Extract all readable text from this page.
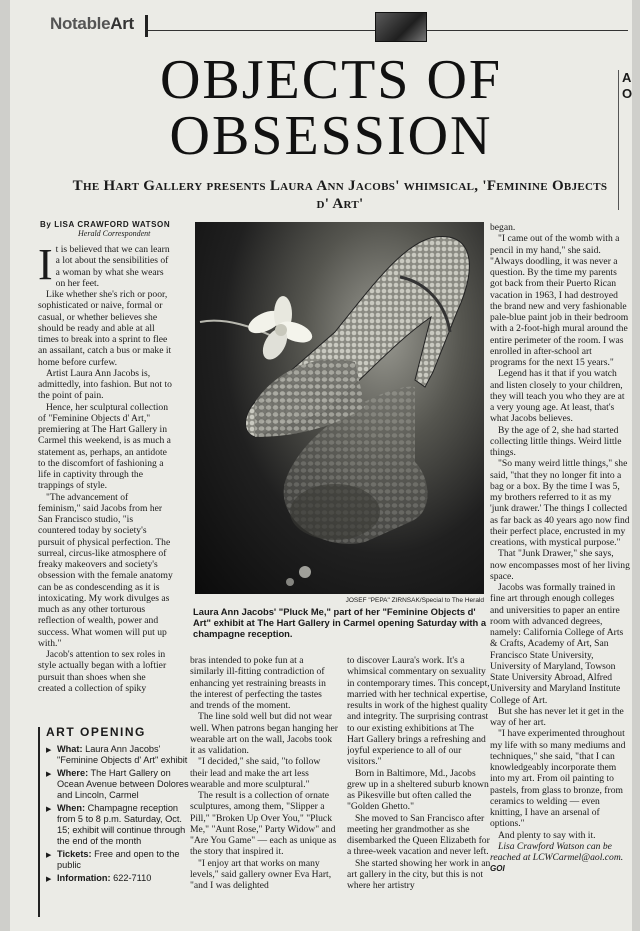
NotableArt
A
O
OBJECTS OF
OBSESSION
The Hart Gallery presents Laura Ann Jacobs' whimsical, 'Feminine Objects d' Art'
By LISA CRAWFORD WATSON
Herald Correspondent

It is believed that we can learn a lot about the sensibilities of a woman by what she wears on her feet.

Like whether she's rich or poor, sophisticated or naive, formal or casual, or whether believes she should be ready and able at all times to break into a sprint to flee an assailant, catch a bus or make it home before curfew.

Artist Laura Ann Jacobs is, admittedly, into fashion. But not to the point of pain.

Hence, her sculptural collection of "Feminine Objects d' Art," premiering at The Hart Gallery in Carmel this weekend, is as much a statement as, perhaps, an antidote to the discomfort of fashioning a life in captivity through the trappings of style.

"The advancement of feminism," said Jacobs from her San Francisco studio, "is countered today by society's pursuit of physical perfection. The surreal, circus-like atmosphere of freaky makeovers and society's obsession with the female anatomy can be as condescending as it is intoxicating. My work divulges as much as any other torturous reflection of wealth, power and success. What women will put up with."

Jacob's attention to sex roles in style actually began with a loftier pursuit than shoes when she created a collection of spiky

JOSEF "PEPA" ZIRNSAK/Special to The Herald
Laura Ann Jacobs' "Pluck Me," part of her "Feminine Objects d' Art" exhibit at The Hart Gallery in Carmel opening Saturday with a champagne reception.

bras intended to poke fun at a similarly ill-fitting contradiction of enhancing yet restraining breasts in the interest of perfecting the tastes and trends of the moment.

The line sold well but did not wear well. When patrons began hanging her wearable art on the wall, Jacobs took it as validation.

"I decided," she said, "to follow their lead and make the art less wearable and more sculptural."

The result is a collection of ornate sculptures, among them, "Slipper a Pill," "Broken Up Over You," "Pluck Me," "Aunt Rose," Party Widow" and "Are You Game" — each as unique as the story that inspired it.

"I enjoy art that works on many levels," said gallery owner Eva Hart, "and I was delighted

to discover Laura's work. It's a whimsical commentary on sexuality in contemporary times. This concept, married with her technical expertise, results in work of the highest quality and integrity. The surprising contrast to our existing exhibitions at The Hart Gallery brings a refreshing and joyful experience to all of our visitors."

Born in Baltimore, Md., Jacobs grew up in a sheltered suburb known as Pikesville but often called the "Golden Ghetto."

She moved to San Francisco after meeting her grandmother as she disembarked the Queen Elizabeth for a three-week vacation and never left.

She started showing her work in an art gallery in the city, but this is not where her artistry

began.

"I came out of the womb with a pencil in my hand," she said. "Always doodling, it was never a question. By the time my parents got back from their Puerto Rican vacation in 1963, I had destroyed the brand new and very fashionable pale-blue paint job in their bedroom with a 2-foot-high mural around the entire perimeter of the room. I was enrolled in after-school art programs for the next 15 years."

Legend has it that if you watch and listen closely to your children, they will teach you who they are at a very young age. At least, that's what Jacobs believes.

By the age of 2, she had started collecting little things. Weird little things.

"So many weird little things," she said, "that they no longer fit into a bag or a box. By the time I was 5, my brothers referred to it as my 'junk drawer.' The things I collected as far back as 40 years ago now find their perfect place, encrusted in my creations, with mystical purpose."

That "Junk Drawer," she says, now encompasses most of her living space.

Jacobs was formally trained in fine art through enough colleges and universities to paper an entire room with advanced degrees, namely: California College of Arts & Crafts, Academy of Art, San Francisco State University, University of Maryland, Towson State University Abroad, Alfred University and Maryland Institute College of Art.

But she has never let it get in the way of her art.

"I have experimented throughout my life with so many mediums and techniques," she said, "that I can knowledgeably incorporate them into my art. From oil painting to pastels, from glass to bronze, from ceramics to welding — even knitting, I have an arsenal of options."

And plenty to say with it.

Lisa Crawford Watson can be reached at LCWCarmel@aol.com. GOI

ART OPENING
▶ What: Laura Ann Jacobs' "Feminine Objects d' Art" exhibit
▶ Where: The Hart Gallery on Ocean Avenue between Dolores and Lincoln, Carmel
▶ When: Champagne reception from 5 to 8 p.m. Saturday, Oct. 15; exhibit will continue through the end of the month
▶ Tickets: Free and open to the public
▶ Information: 622-7110
